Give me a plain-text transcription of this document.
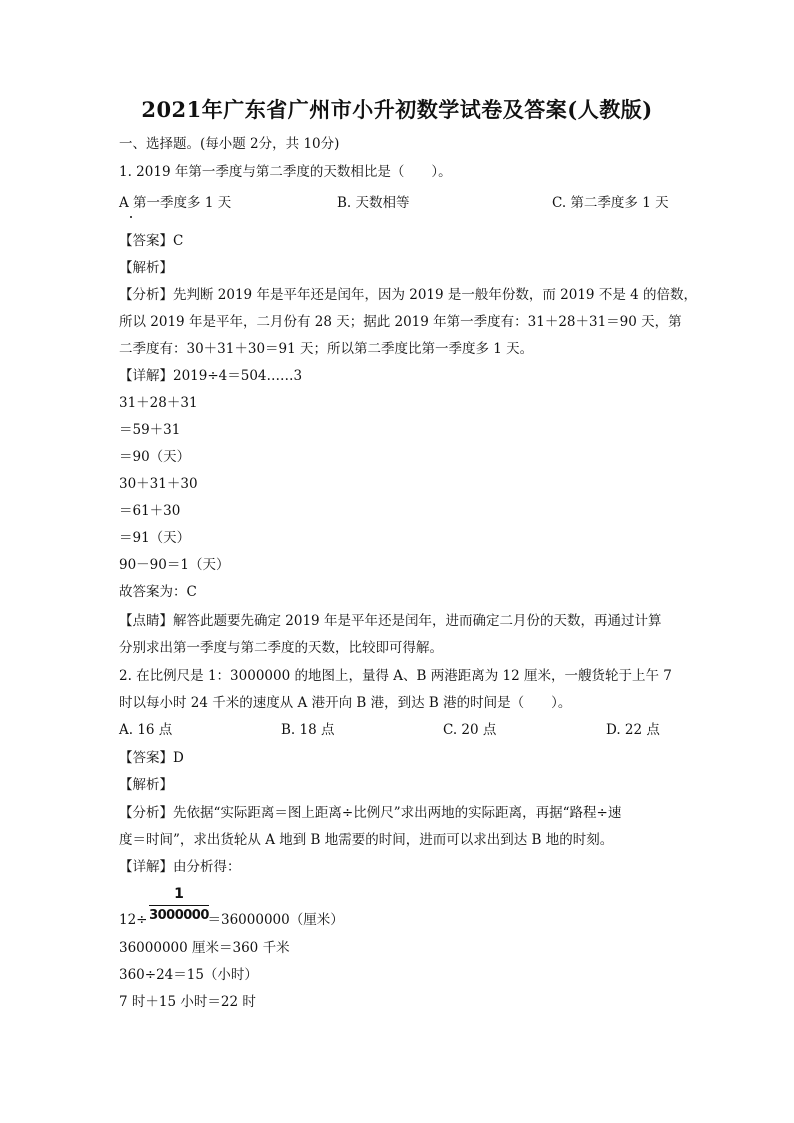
2021年广东省广州市小升初数学试卷及答案(人教版)
一、选择题。(每小题 2分，共 10分)
1. 2019 年第一季度与第二季度的天数相比是（　　）。
A 第一季度多 1 天	B. 天数相等	C. 第二季度多 1 天
【答案】C
【解析】
【分析】先判断 2019 年是平年还是闰年，因为 2019 是一般年份数，而 2019 不是 4 的倍数，
所以 2019 年是平年，二月份有 28 天；据此 2019 年第一季度有：31＋28＋31＝90 天，第
二季度有：30＋31＋30＝91 天；所以第二季度比第一季度多 1 天。
【详解】2019÷4＝504……3
31＋28＋31
＝59＋31
＝90（天）
30＋31＋30
＝61＋30
＝91（天）
90－90＝1（天）
故答案为：C
【点睛】解答此题要先确定 2019 年是平年还是闰年，进而确定二月份的天数，再通过计算
分别求出第一季度与第二季度的天数，比较即可得解。
2. 在比例尺是 1：3000000 的地图上，量得 A、B 两港距离为 12 厘米，一艘货轮于上午 7
时以每小时 24 千米的速度从 A 港开向 B 港，到达 B 港的时间是（　　）。
A. 16 点	B. 18 点	C. 20 点	D. 22 点
【答案】D
【解析】
【分析】先依据“实际距离＝图上距离÷比例尺”求出两地的实际距离，再据“路程÷速
度＝时间”，求出货轮从 A 地到 B 地需要的时间，进而可以求出到达 B 地的时刻。
【详解】由分析得：
1
3000000
12÷	＝36000000（厘米）
36000000 厘米＝360 千米
360÷24＝15（小时）
7 时＋15 小时＝22 时
